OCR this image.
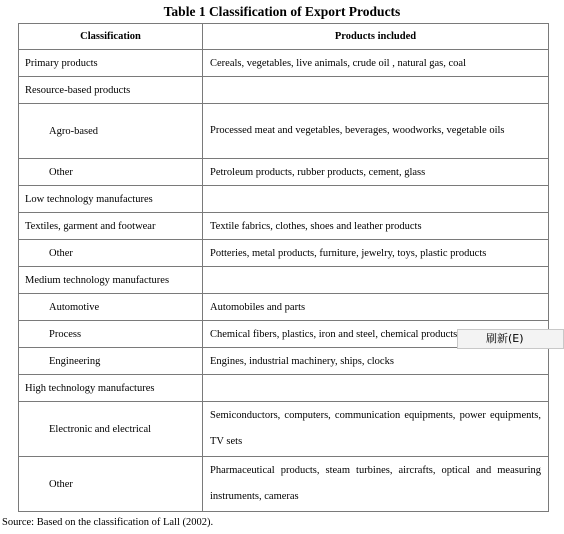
Table 1 Classification of Export Products
Classification	Products included
Primary products	Cereals, vegetables, live animals, crude oil , natural gas, coal
Resource-based products	
Agro-based	Processed meat and vegetables, beverages, woodworks, vegetable oils
Other	Petroleum products, rubber products, cement, glass
Low technology manufactures	
Textiles, garment and footwear	Textile fabrics, clothes, shoes and leather products
Other	Potteries, metal products, furniture, jewelry, toys, plastic products
Medium technology manufactures	
Automotive	Automobiles and parts
Process	Chemical fibers, plastics, iron and steel, chemical products
Engineering	Engines, industrial machinery, ships, clocks
High technology manufactures	
Electronic and electrical	Semiconductors, computers, communication equipments, power equipments, TV sets
Other	Pharmaceutical products, steam turbines, aircrafts, optical and measuring instruments, cameras
刷新(E)
Source: Based on the classification of Lall (2002).
